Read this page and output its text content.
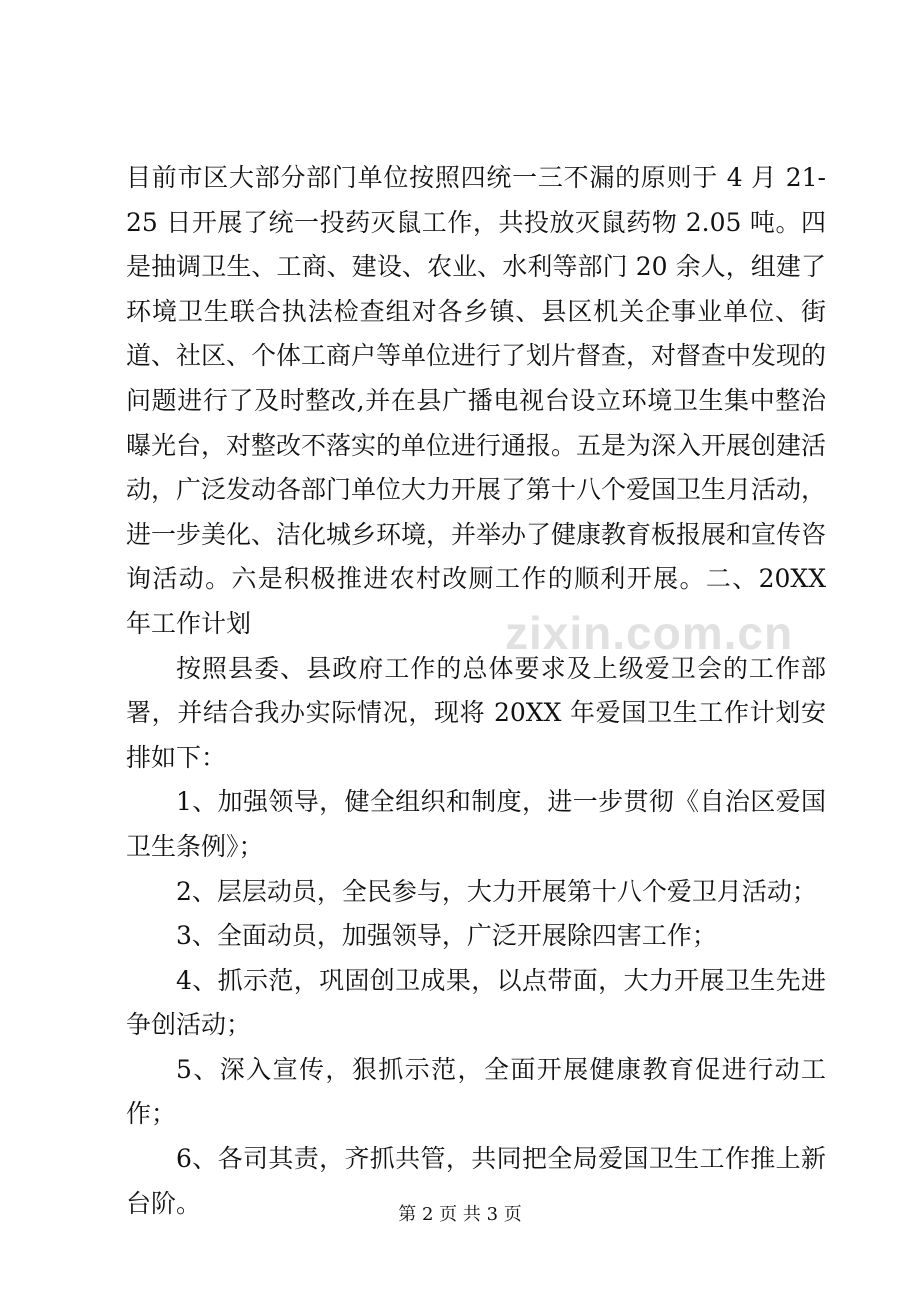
目前市区大部分部门单位按照四统一三不漏的原则于 4 月 21-25 日开展了统一投药灭鼠工作，共投放灭鼠药物 2.05 吨。四是抽调卫生、工商、建设、农业、水利等部门 20 余人，组建了环境卫生联合执法检查组对各乡镇、县区机关企事业单位、街道、社区、个体工商户等单位进行了划片督查，对督查中发现的问题进行了及时整改,并在县广播电视台设立环境卫生集中整治曝光台，对整改不落实的单位进行通报。五是为深入开展创建活动，广泛发动各部门单位大力开展了第十八个爱国卫生月活动，进一步美化、洁化城乡环境，并举办了健康教育板报展和宣传咨询活动。六是积极推进农村改厕工作的顺利开展。二、20XX 年工作计划

按照县委、县政府工作的总体要求及上级爱卫会的工作部署，并结合我办实际情况，现将 20XX 年爱国卫生工作计划安排如下：

1、加强领导，健全组织和制度，进一步贯彻《自治区爱国卫生条例》；

2、层层动员，全民参与，大力开展第十八个爱卫月活动；

3、全面动员，加强领导，广泛开展除四害工作；

4、抓示范，巩固创卫成果，以点带面，大力开展卫生先进争创活动；

5、深入宣传，狠抓示范，全面开展健康教育促进行动工作；

6、各司其责，齐抓共管，共同把全局爱国卫生工作推上新台阶。

zixin.com.cn
第 2 页 共 3 页
